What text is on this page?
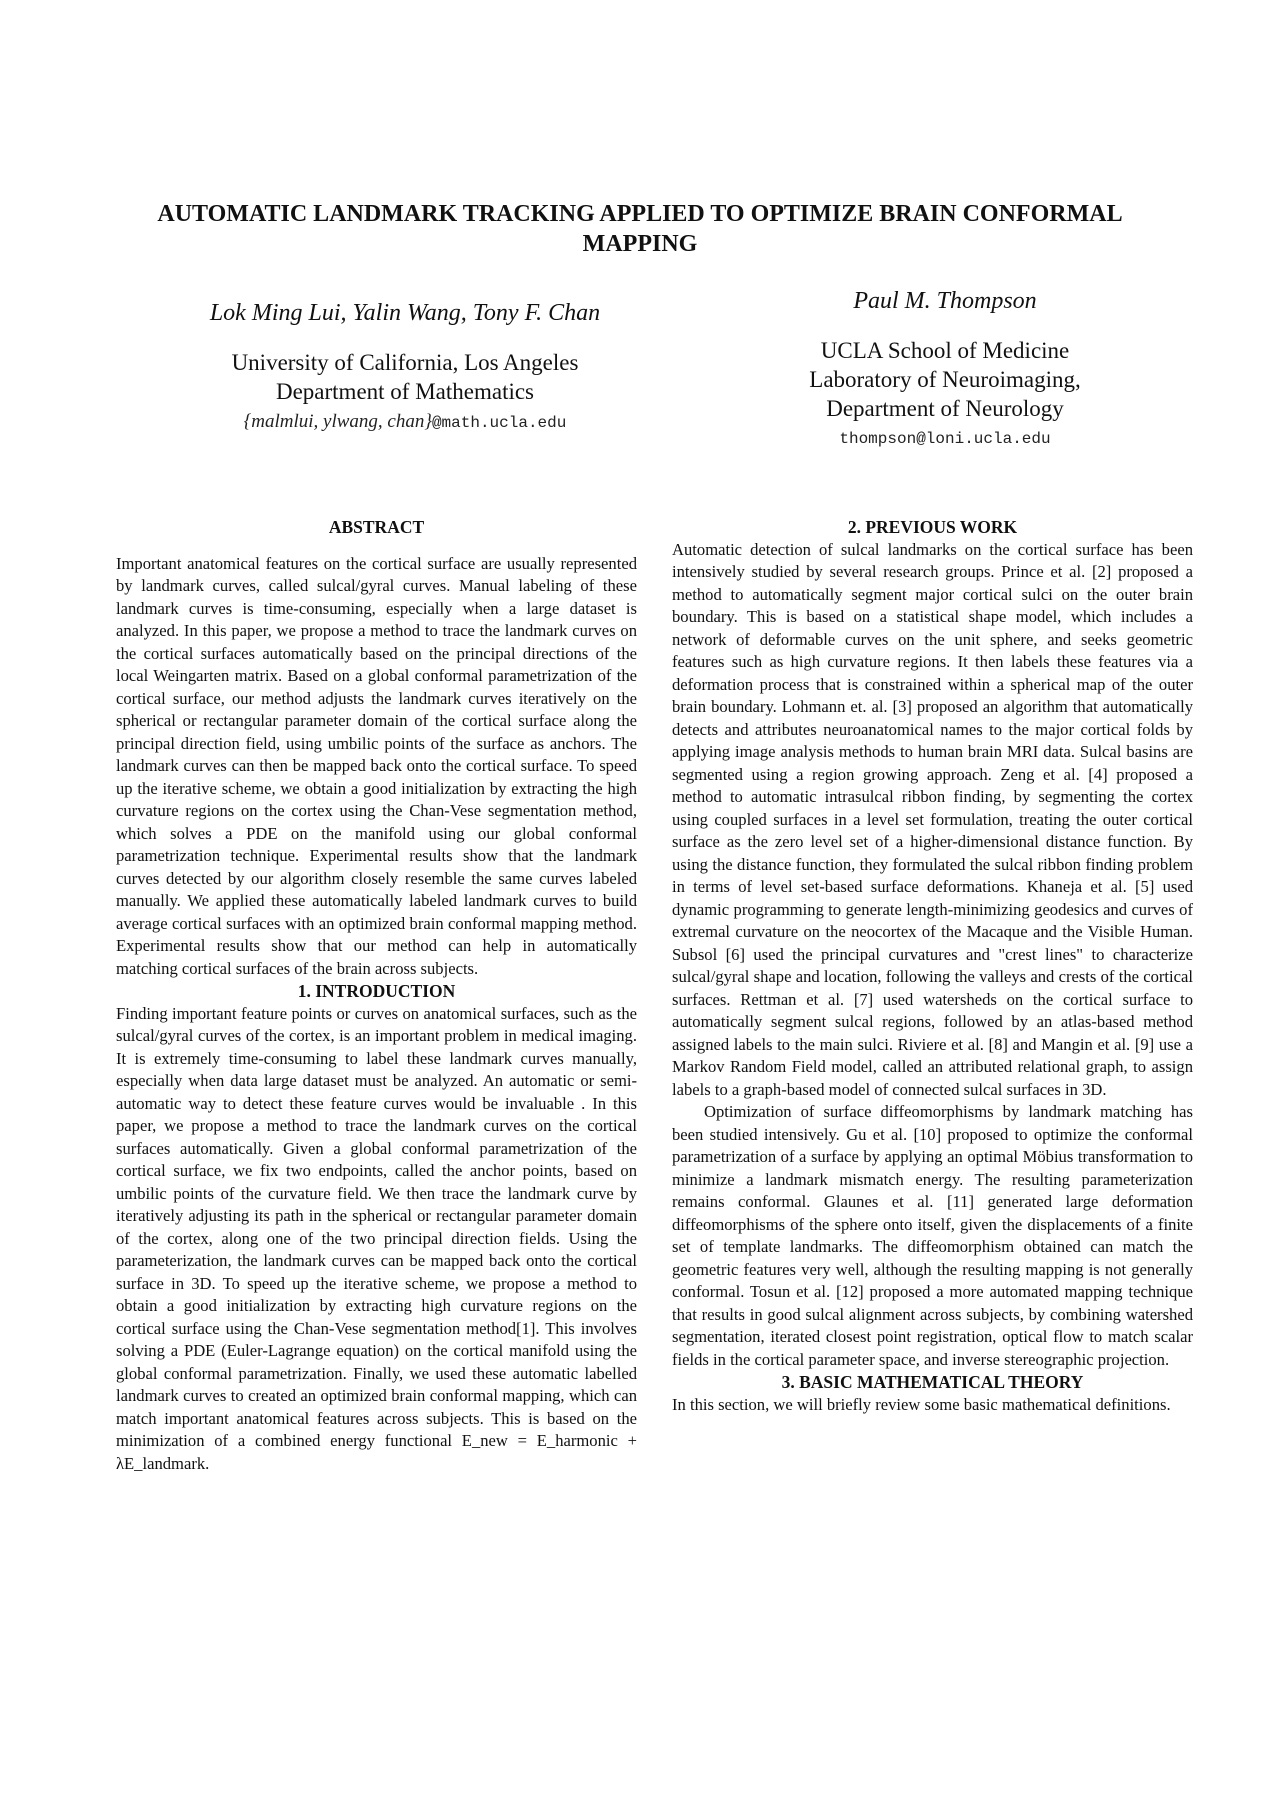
AUTOMATIC LANDMARK TRACKING APPLIED TO OPTIMIZE BRAIN CONFORMAL MAPPING
Lok Ming Lui, Yalin Wang, Tony F. Chan
University of California, Los Angeles
Department of Mathematics
{malmlui, ylwang, chan}@math.ucla.edu
Paul M. Thompson
UCLA School of Medicine
Laboratory of Neuroimaging,
Department of Neurology
thompson@loni.ucla.edu
ABSTRACT

Important anatomical features on the cortical surface are usually represented by landmark curves, called sulcal/gyral curves. Manual labeling of these landmark curves is time-consuming, especially when a large dataset is analyzed. In this paper, we propose a method to trace the landmark curves on the cortical surfaces automatically based on the principal directions of the local Weingarten matrix. Based on a global conformal parametrization of the cortical surface, our method adjusts the landmark curves iteratively on the spherical or rectangular parameter domain of the cortical surface along the principal direction field, using umbilic points of the surface as anchors. The landmark curves can then be mapped back onto the cortical surface. To speed up the iterative scheme, we obtain a good initialization by extracting the high curvature regions on the cortex using the Chan-Vese segmentation method, which solves a PDE on the manifold using our global conformal parametrization technique. Experimental results show that the landmark curves detected by our algorithm closely resemble the same curves labeled manually. We applied these automatically labeled landmark curves to build average cortical surfaces with an optimized brain conformal mapping method. Experimental results show that our method can help in automatically matching cortical surfaces of the brain across subjects.

1. INTRODUCTION

Finding important feature points or curves on anatomical surfaces, such as the sulcal/gyral curves of the cortex, is an important problem in medical imaging. It is extremely time-consuming to label these landmark curves manually, especially when data large dataset must be analyzed. An automatic or semi-automatic way to detect these feature curves would be invaluable . In this paper, we propose a method to trace the landmark curves on the cortical surfaces automatically. Given a global conformal parametrization of the cortical surface, we fix two endpoints, called the anchor points, based on umbilic points of the curvature field. We then trace the landmark curve by iteratively adjusting its path in the spherical or rectangular parameter domain of the cortex, along one of the two principal direction fields. Using the parameterization, the landmark curves can be mapped back onto the cortical surface in 3D. To speed up the iterative scheme, we propose a method to obtain a good initialization by extracting high curvature regions on the cortical surface using the Chan-Vese segmentation method[1]. This involves solving a PDE (Euler-Lagrange equation) on the cortical manifold using the global conformal parametrization. Finally, we used these automatic labelled landmark curves to created an optimized brain conformal mapping, which can match important anatomical features across subjects. This is based on the minimization of a combined energy functional E_new = E_harmonic + λE_landmark.

2. PREVIOUS WORK

Automatic detection of sulcal landmarks on the cortical surface has been intensively studied by several research groups. Prince et al. [2] proposed a method to automatically segment major cortical sulci on the outer brain boundary. This is based on a statistical shape model, which includes a network of deformable curves on the unit sphere, and seeks geometric features such as high curvature regions. It then labels these features via a deformation process that is constrained within a spherical map of the outer brain boundary. Lohmann et. al. [3] proposed an algorithm that automatically detects and attributes neuroanatomical names to the major cortical folds by applying image analysis methods to human brain MRI data. Sulcal basins are segmented using a region growing approach. Zeng et al. [4] proposed a method to automatic intrasulcal ribbon finding, by segmenting the cortex using coupled surfaces in a level set formulation, treating the outer cortical surface as the zero level set of a higher-dimensional distance function. By using the distance function, they formulated the sulcal ribbon finding problem in terms of level set-based surface deformations. Khaneja et al. [5] used dynamic programming to generate length-minimizing geodesics and curves of extremal curvature on the neocortex of the Macaque and the Visible Human. Subsol [6] used the principal curvatures and "crest lines" to characterize sulcal/gyral shape and location, following the valleys and crests of the cortical surfaces. Rettman et al. [7] used watersheds on the cortical surface to automatically segment sulcal regions, followed by an atlas-based method assigned labels to the main sulci. Riviere et al. [8] and Mangin et al. [9] use a Markov Random Field model, called an attributed relational graph, to assign labels to a graph-based model of connected sulcal surfaces in 3D.

Optimization of surface diffeomorphisms by landmark matching has been studied intensively. Gu et al. [10] proposed to optimize the conformal parametrization of a surface by applying an optimal Möbius transformation to minimize a landmark mismatch energy. The resulting parameterization remains conformal. Glaunes et al. [11] generated large deformation diffeomorphisms of the sphere onto itself, given the displacements of a finite set of template landmarks. The diffeomorphism obtained can match the geometric features very well, although the resulting mapping is not generally conformal. Tosun et al. [12] proposed a more automated mapping technique that results in good sulcal alignment across subjects, by combining watershed segmentation, iterated closest point registration, optical flow to match scalar fields in the cortical parameter space, and inverse stereographic projection.

3. BASIC MATHEMATICAL THEORY

In this section, we will briefly review some basic mathematical definitions.
